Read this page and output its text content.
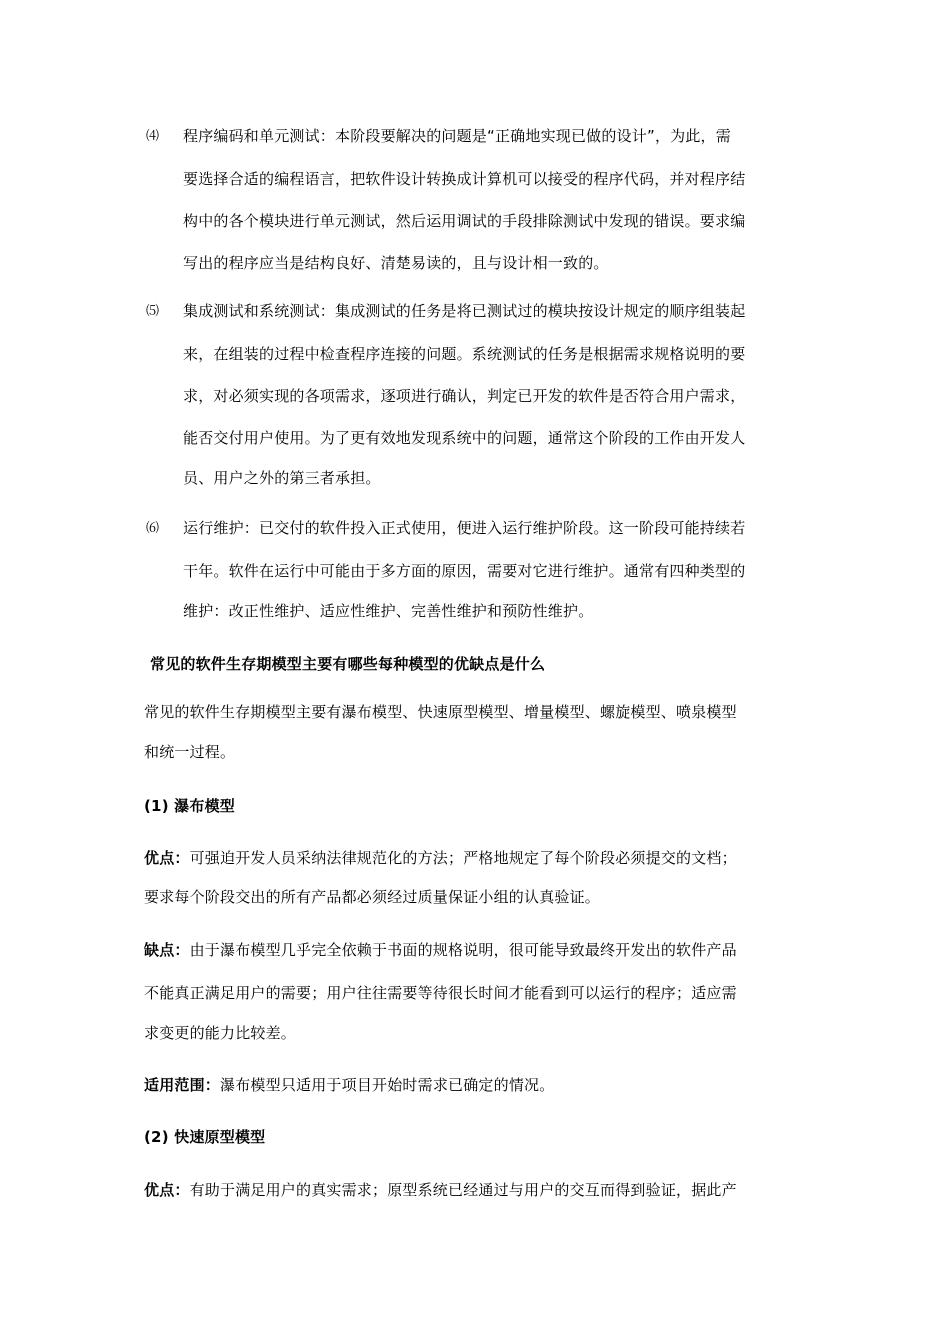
⑷ 程序编码和单元测试：本阶段要解决的问题是“正确地实现已做的设计”，为此，需
要选择合适的编程语言，把软件设计转换成计算机可以接受的程序代码，并对程序结
构中的各个模块进行单元测试，然后运用调试的手段排除测试中发现的错误。要求编
写出的程序应当是结构良好、清楚易读的，且与设计相一致的。
⑸ 集成测试和系统测试：集成测试的任务是将已测试过的模块按设计规定的顺序组装起
来，在组装的过程中检查程序连接的问题。系统测试的任务是根据需求规格说明的要
求，对必须实现的各项需求，逐项进行确认，判定已开发的软件是否符合用户需求，
能否交付用户使用。为了更有效地发现系统中的问题，通常这个阶段的工作由开发人
员、用户之外的第三者承担。
⑹ 运行维护：已交付的软件投入正式使用，便进入运行维护阶段。这一阶段可能持续若
干年。软件在运行中可能由于多方面的原因，需要对它进行维护。通常有四种类型的
维护：改正性维护、适应性维护、完善性维护和预防性维护。
常见的软件生存期模型主要有哪些每种模型的优缺点是什么
常见的软件生存期模型主要有瀑布模型、快速原型模型、增量模型、螺旋模型、喷泉模型
和统一过程。
(1) 瀑布模型
优点：可强迫开发人员采纳法律规范化的方法；严格地规定了每个阶段必须提交的文档；
要求每个阶段交出的所有产品都必须经过质量保证小组的认真验证。
缺点：由于瀑布模型几乎完全依赖于书面的规格说明，很可能导致最终开发出的软件产品
不能真正满足用户的需要；用户往往需要等待很长时间才能看到可以运行的程序；适应需
求变更的能力比较差。
适用范围：瀑布模型只适用于项目开始时需求已确定的情况。
(2) 快速原型模型
优点：有助于满足用户的真实需求；原型系统已经通过与用户的交互而得到验证，据此产
